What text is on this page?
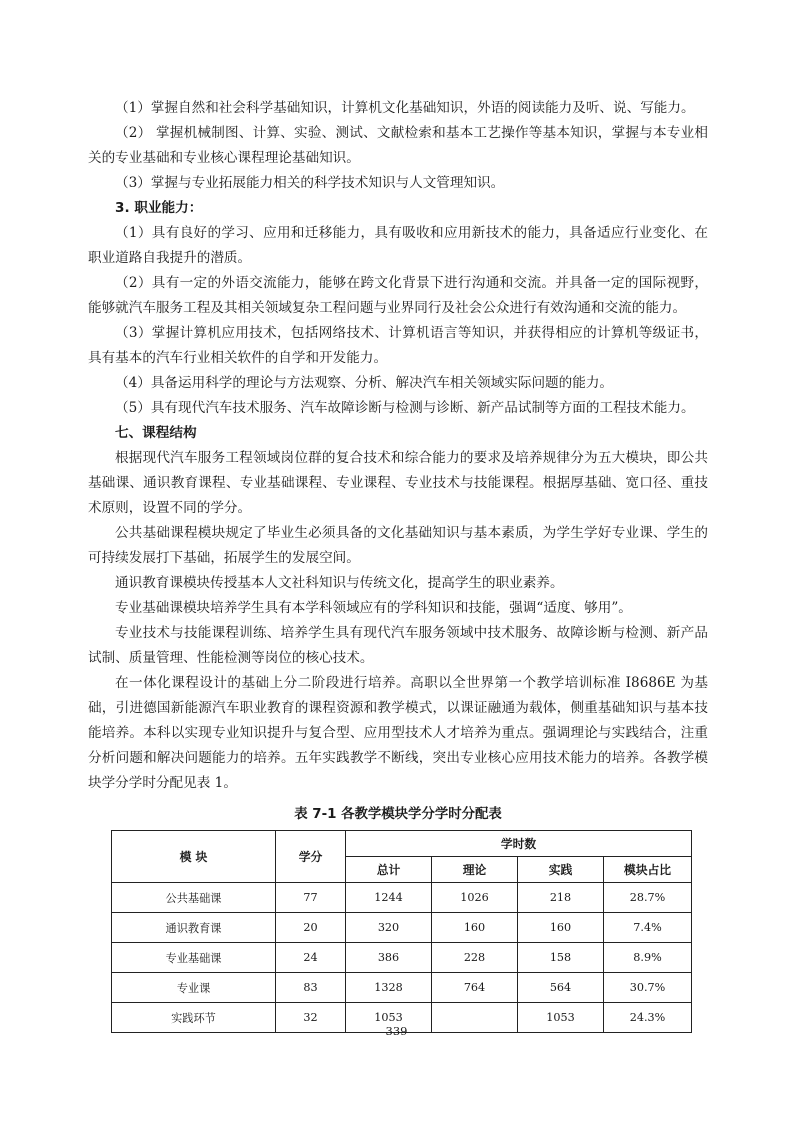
（1）掌握自然和社会科学基础知识，计算机文化基础知识，外语的阅读能力及听、说、写能力。

（2） 掌握机械制图、计算、实验、测试、文献检索和基本工艺操作等基本知识，掌握与本专业相关的专业基础和专业核心课程理论基础知识。

（3）掌握与专业拓展能力相关的科学技术知识与人文管理知识。

3. 职业能力：

（1）具有良好的学习、应用和迁移能力，具有吸收和应用新技术的能力，具备适应行业变化、在职业道路自我提升的潜质。

（2）具有一定的外语交流能力，能够在跨文化背景下进行沟通和交流。并具备一定的国际视野，能够就汽车服务工程及其相关领域复杂工程问题与业界同行及社会公众进行有效沟通和交流的能力。

（3）掌握计算机应用技术，包括网络技术、计算机语言等知识，并获得相应的计算机等级证书，具有基本的汽车行业相关软件的自学和开发能力。

（4）具备运用科学的理论与方法观察、分析、解决汽车相关领域实际问题的能力。

（5）具有现代汽车技术服务、汽车故障诊断与检测与诊断、新产品试制等方面的工程技术能力。

七、课程结构

根据现代汽车服务工程领域岗位群的复合技术和综合能力的要求及培养规律分为五大模块，即公共基础课、通识教育课程、专业基础课程、专业课程、专业技术与技能课程。根据厚基础、宽口径、重技术原则，设置不同的学分。

公共基础课程模块规定了毕业生必须具备的文化基础知识与基本素质，为学生学好专业课、学生的可持续发展打下基础，拓展学生的发展空间。

通识教育课模块传授基本人文社科知识与传统文化，提高学生的职业素养。

专业基础课模块培养学生具有本学科领域应有的学科知识和技能，强调“适度、够用”。

专业技术与技能课程训练、培养学生具有现代汽车服务领域中技术服务、故障诊断与检测、新产品试制、质量管理、性能检测等岗位的核心技术。

在一体化课程设计的基础上分二阶段进行培养。高职以全世界第一个教学培训标准 I8686E 为基础，引进德国新能源汽车职业教育的课程资源和教学模式，以课证融通为载体，侧重基础知识与基本技能培养。本科以实现专业知识提升与复合型、应用型技术人才培养为重点。强调理论与实践结合，注重分析问题和解决问题能力的培养。五年实践教学不断线，突出专业核心应用技术能力的培养。各教学模块学分学时分配见表 1。

表 7-1 各教学模块学分学时分配表
模 块	学分	学时数			
		总计	理论	实践	模块占比
公共基础课	77	1244	1026	218	28.7%
通识教育课	20	320	160	160	7.4%
专业基础课	24	386	228	158	8.9%
专业课	83	1328	764	564	30.7%
实践环节	32	1053		1053	24.3%
339
